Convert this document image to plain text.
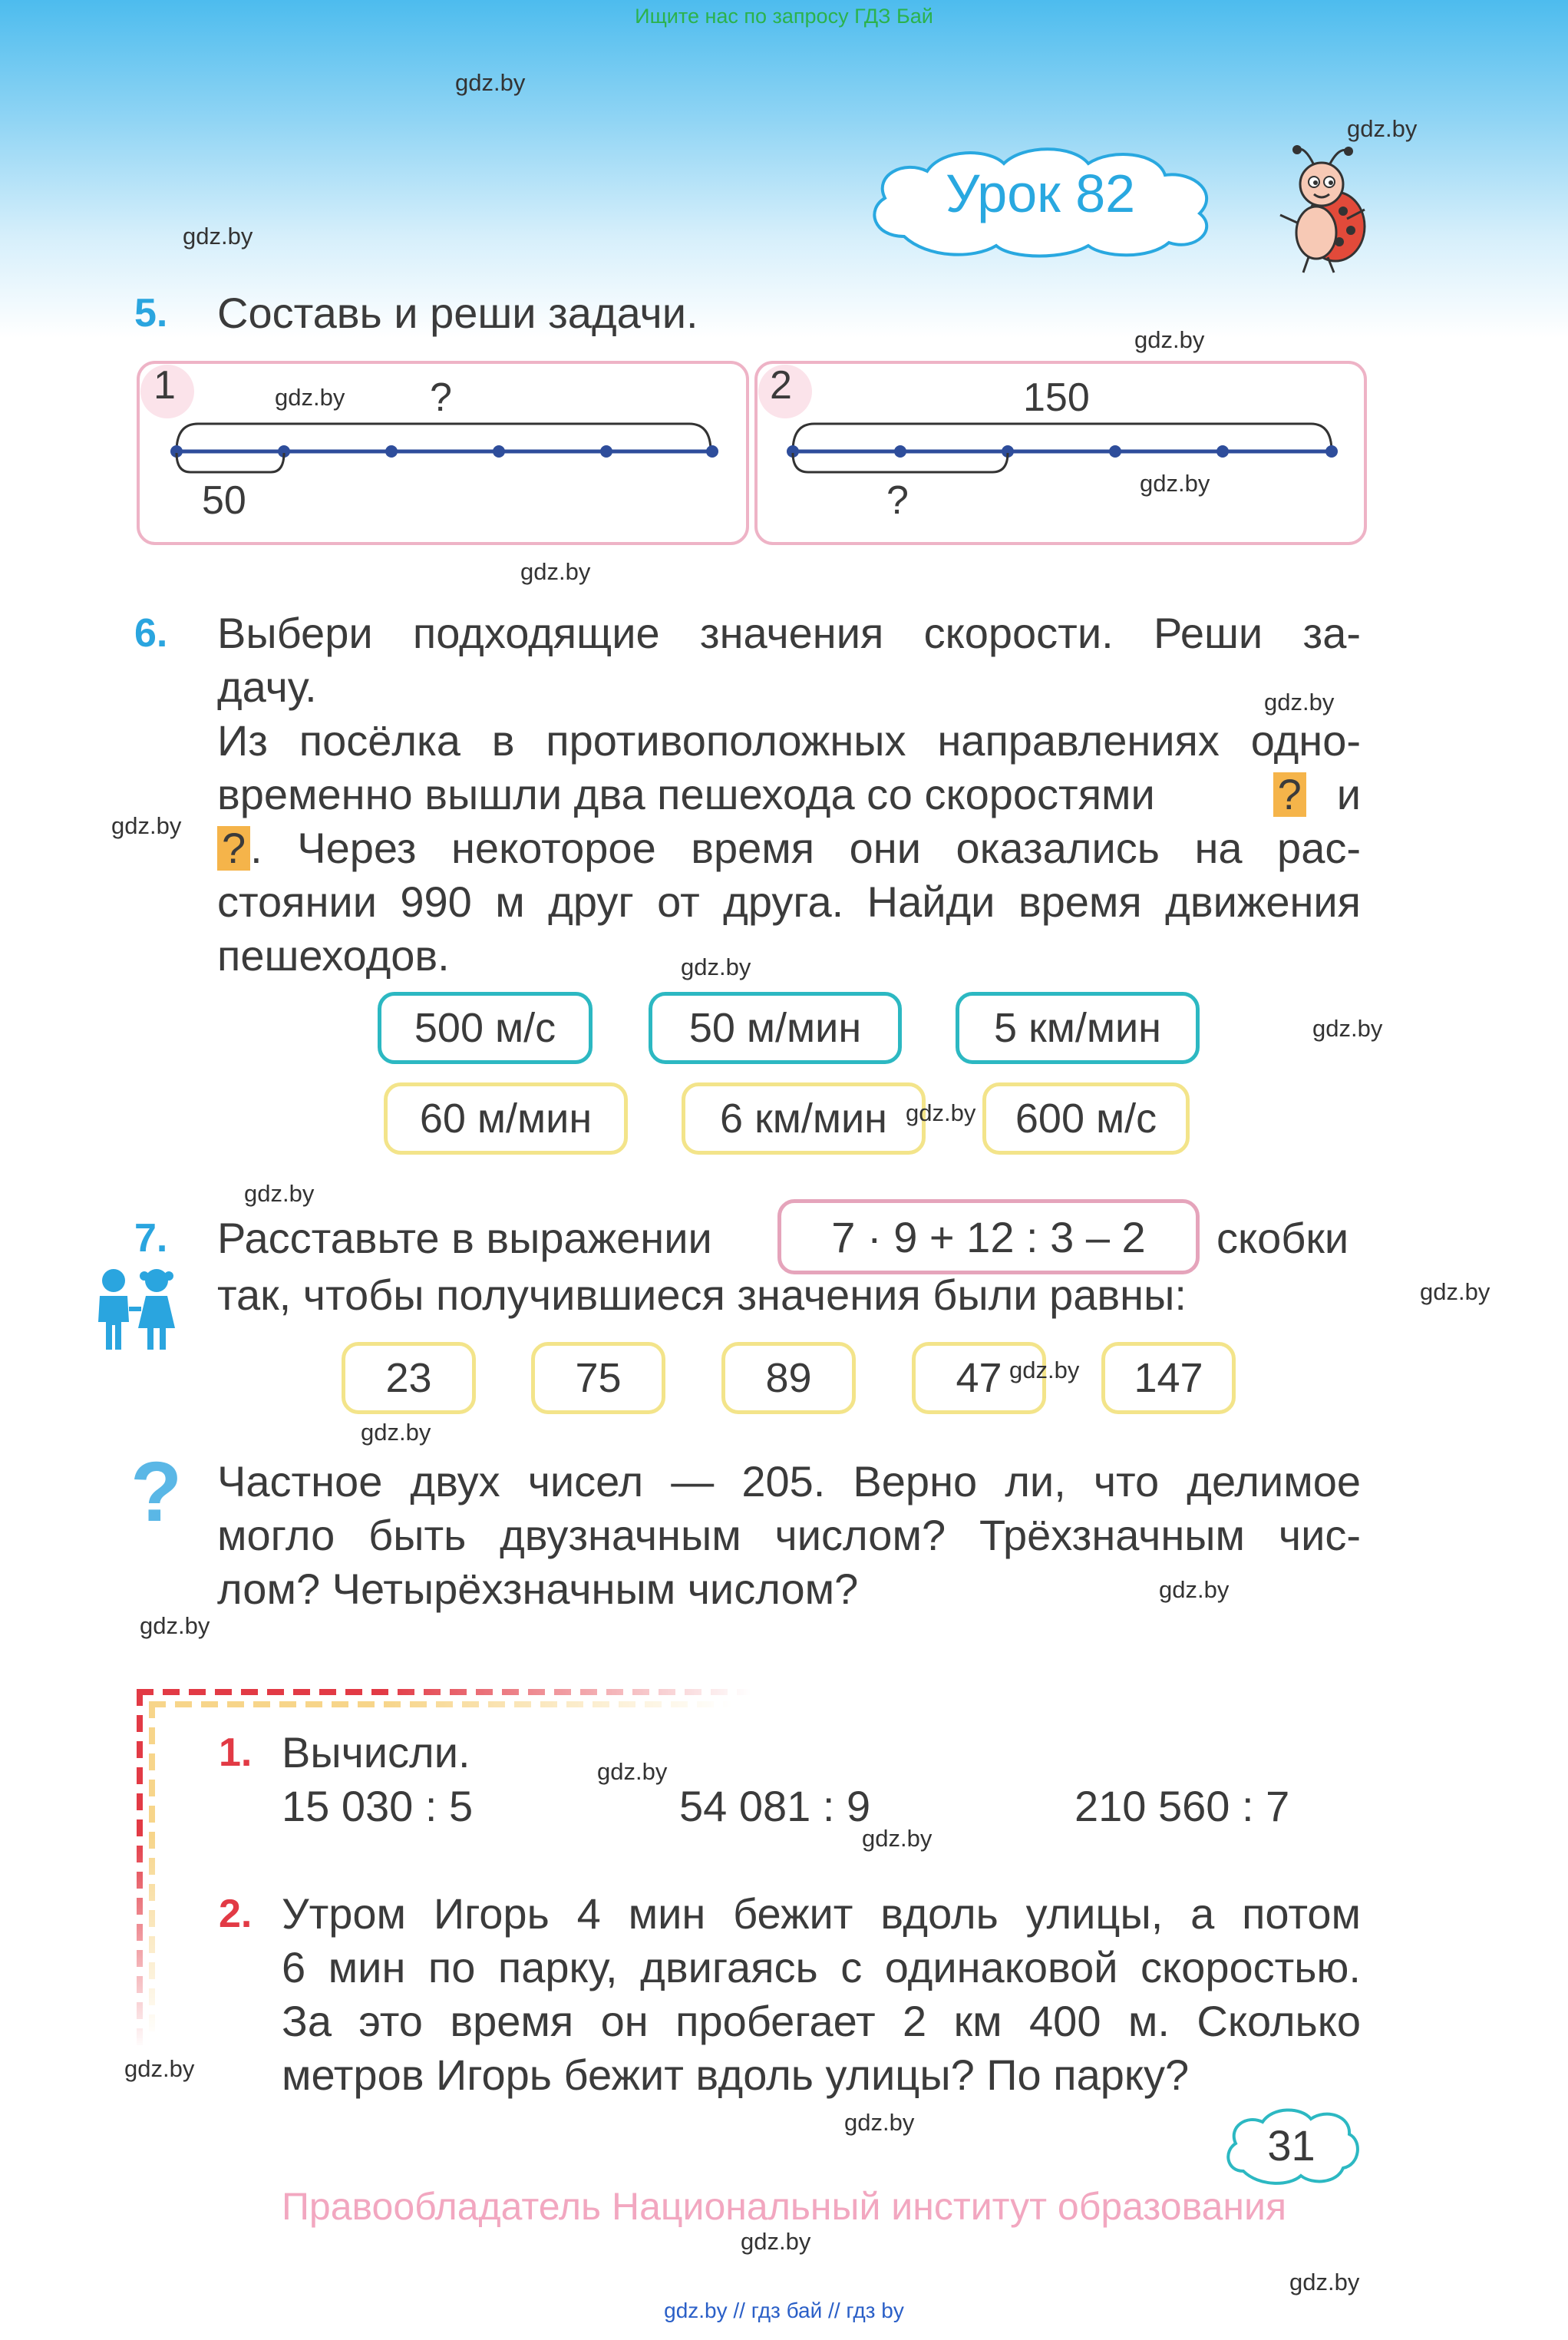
Ищите нас по запросу ГДЗ Бай
Урок 82
5. Составь и реши задачи.
1	?
50
2	150
?
6. Выбери подходящие значения скорости. Реши за-
дачу.
Из посёлка в противоположных направлениях одно-
временно вышли два пешехода со скоростями	? и
? . Через некоторое время они оказались на рас-
стоянии 990 м друг от друга. Найди время движения
пешеходов.
500 м/с	50 м/мин	5 км/мин
60 м/мин	6 км/мин	600 м/с
7. Расставьте в выражении	7 · 9 + 12 : 3 – 2	скобки
так, чтобы получившиеся значения были равны:
23	75	89	47	147
? Частное двух чисел — 205. Верно ли, что делимое
могло быть двузначным числом? Трёхзначным чис-
лом? Четырёхзначным числом?
1. Вычисли.
15 030 : 5	54 081 : 9	210 560 : 7
2. Утром Игорь 4 мин бежит вдоль улицы, а потом
6 мин по парку, двигаясь с одинаковой скоростью.
За это время он пробегает 2 км 400 м. Сколько
метров Игорь бежит вдоль улицы? По парку?
31
Правообладатель Национальный институт образования
gdz.by // гдз бай // гдз by
gdz.by
gdz.by
gdz.by
gdz.by
gdz.by
gdz.by
gdz.by
gdz.by
gdz.by
gdz.by
gdz.by
gdz.by
gdz.by
gdz.by
gdz.by
gdz.by
gdz.by
gdz.by
gdz.by
gdz.by
gdz.by
gdz.by
gdz.by
gdz.by
